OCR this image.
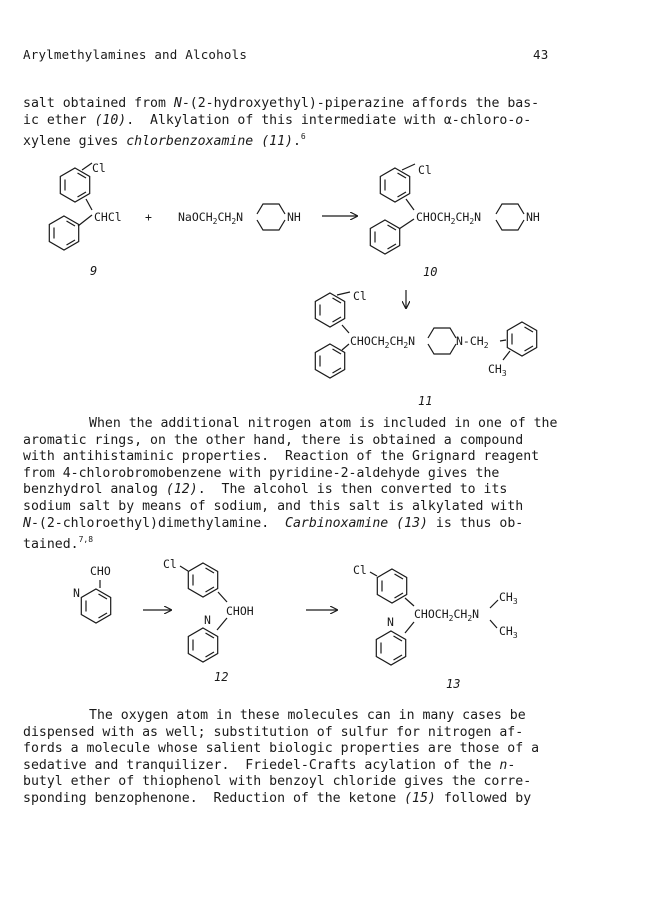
Arylmethylamines and Alcohols	43
salt obtained from N-(2-hydroxyethyl)-piperazine affords the bas-
ic ether (10).  Alkylation of this intermediate with α-chloro-o-
xylene gives chlorbenzoxamine (11).$^6$
When the additional nitrogen atom is included in one of the
aromatic rings, on the other hand, there is obtained a compound
with antihistaminic properties.  Reaction of the Grignard reagent
from 4-chlorobromobenzene with pyridine-2-aldehyde gives the
benzhydrol analog (12).  The alcohol is then converted to its
sodium salt by means of sodium, and this salt is alkylated with
N-(2-chloroethyl)dimethylamine.  Carbinoxamine (13) is thus ob-
tained.$^{7,8}$
The oxygen atom in these molecules can in many cases be
dispensed with as well; substitution of sulfur for nitrogen af-
fords a molecule whose salient biologic properties are those of a
sedative and tranquilizer.  Friedel-Crafts acylation of the n-
butyl ether of thiophenol with benzoyl chloride gives the corre-
sponding benzophenone.  Reduction of the ketone (15) followed by
Cl
CHCl +
9
$NaOCH_2CH_2N$	NH
Cl
$CHOCH_2CH_2N$	NH
10
Cl
$CHOCH_2CH_2N$	$N-CH_2$
$CH_3$
11
CHO
N
Cl
CHOH
N
12
Cl
$CHOCH_2CH_2N$
$CH_3$
$CH_3$
N
13
